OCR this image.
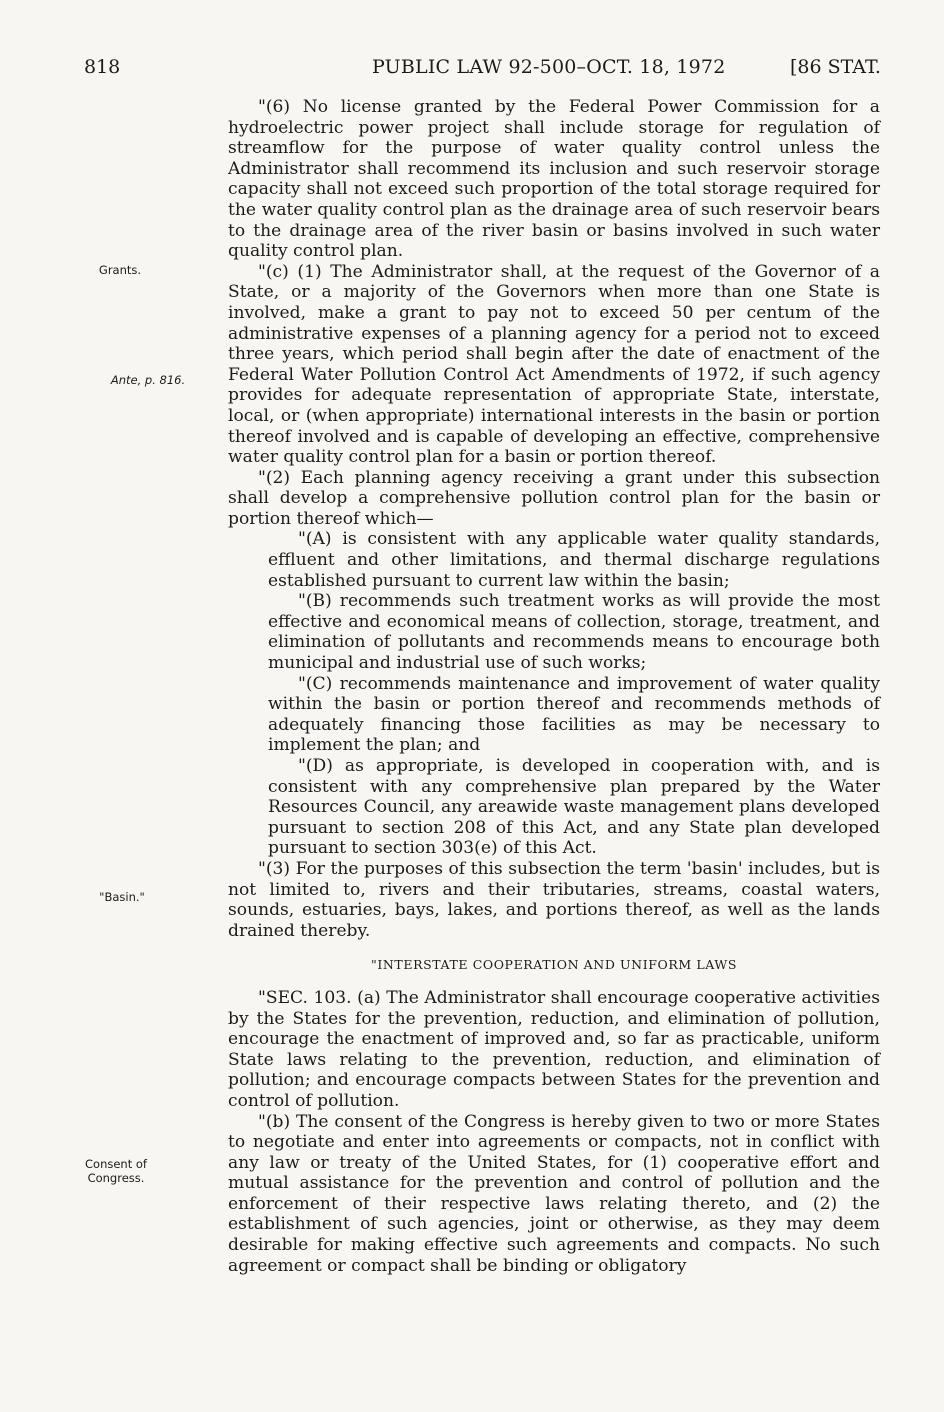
818	PUBLIC LAW 92-500–OCT. 18, 1972	[86 STAT.
Grants.
Ante, p. 816.
"Basin."
Consent of
Congress.

"(6) No license granted by the Federal Power Commission for a hydroelectric power project shall include storage for regulation of streamflow for the purpose of water quality control unless the Administrator shall recommend its inclusion and such reservoir storage capacity shall not exceed such proportion of the total storage required for the water quality control plan as the drainage area of such reservoir bears to the drainage area of the river basin or basins involved in such water quality control plan.

"(c) (1) The Administrator shall, at the request of the Governor of a State, or a majority of the Governors when more than one State is involved, make a grant to pay not to exceed 50 per centum of the administrative expenses of a planning agency for a period not to exceed three years, which period shall begin after the date of enactment of the Federal Water Pollution Control Act Amendments of 1972, if such agency provides for adequate representation of appropriate State, interstate, local, or (when appropriate) international interests in the basin or portion thereof involved and is capable of developing an effective, comprehensive water quality control plan for a basin or portion thereof.

"(2) Each planning agency receiving a grant under this subsection shall develop a comprehensive pollution control plan for the basin or portion thereof which—

"(A) is consistent with any applicable water quality standards, effluent and other limitations, and thermal discharge regulations established pursuant to current law within the basin;

"(B) recommends such treatment works as will provide the most effective and economical means of collection, storage, treatment, and elimination of pollutants and recommends means to encourage both municipal and industrial use of such works;

"(C) recommends maintenance and improvement of water quality within the basin or portion thereof and recommends methods of adequately financing those facilities as may be necessary to implement the plan; and

"(D) as appropriate, is developed in cooperation with, and is consistent with any comprehensive plan prepared by the Water Resources Council, any areawide waste management plans developed pursuant to section 208 of this Act, and any State plan developed pursuant to section 303(e) of this Act.

"(3) For the purposes of this subsection the term 'basin' includes, but is not limited to, rivers and their tributaries, streams, coastal waters, sounds, estuaries, bays, lakes, and portions thereof, as well as the lands drained thereby.

"INTERSTATE COOPERATION AND UNIFORM LAWS

"SEC. 103. (a) The Administrator shall encourage cooperative activities by the States for the prevention, reduction, and elimination of pollution, encourage the enactment of improved and, so far as practicable, uniform State laws relating to the prevention, reduction, and elimination of pollution; and encourage compacts between States for the prevention and control of pollution.

"(b) The consent of the Congress is hereby given to two or more States to negotiate and enter into agreements or compacts, not in conflict with any law or treaty of the United States, for (1) cooperative effort and mutual assistance for the prevention and control of pollution and the enforcement of their respective laws relating thereto, and (2) the establishment of such agencies, joint or otherwise, as they may deem desirable for making effective such agreements and compacts. No such agreement or compact shall be binding or obligatory
